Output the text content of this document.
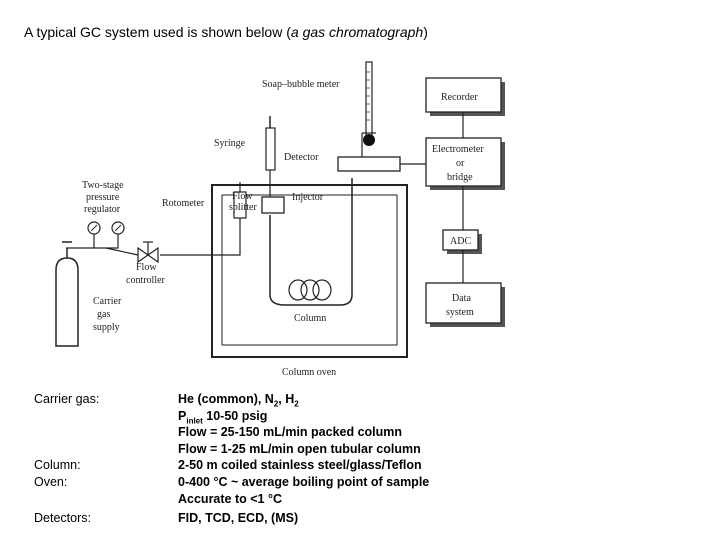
A typical GC system used is shown below (a gas chromatograph)
Soap–bubble meter
Recorder
Syringe
Detector
Electrometer
or
bridge
Two-stage
pressure
regulator
Rotometer
Flow
splitter
Injector
ADC
Flow
controller
Carrier
gas
supply
Data
system
Column
Column oven
Carrier gas:
Column:
Oven:
Detectors:
He (common), $N_2$, $H_2$
$P_{inlet}$ 10-50 psig
Flow = 25-150 mL/min packed column
Flow = 1-25 mL/min open tubular column
2-50 m coiled stainless steel/glass/Teflon
0-400 °C ~ average boiling point of sample
Accurate to <1 °C
FID, TCD, ECD, (MS)
